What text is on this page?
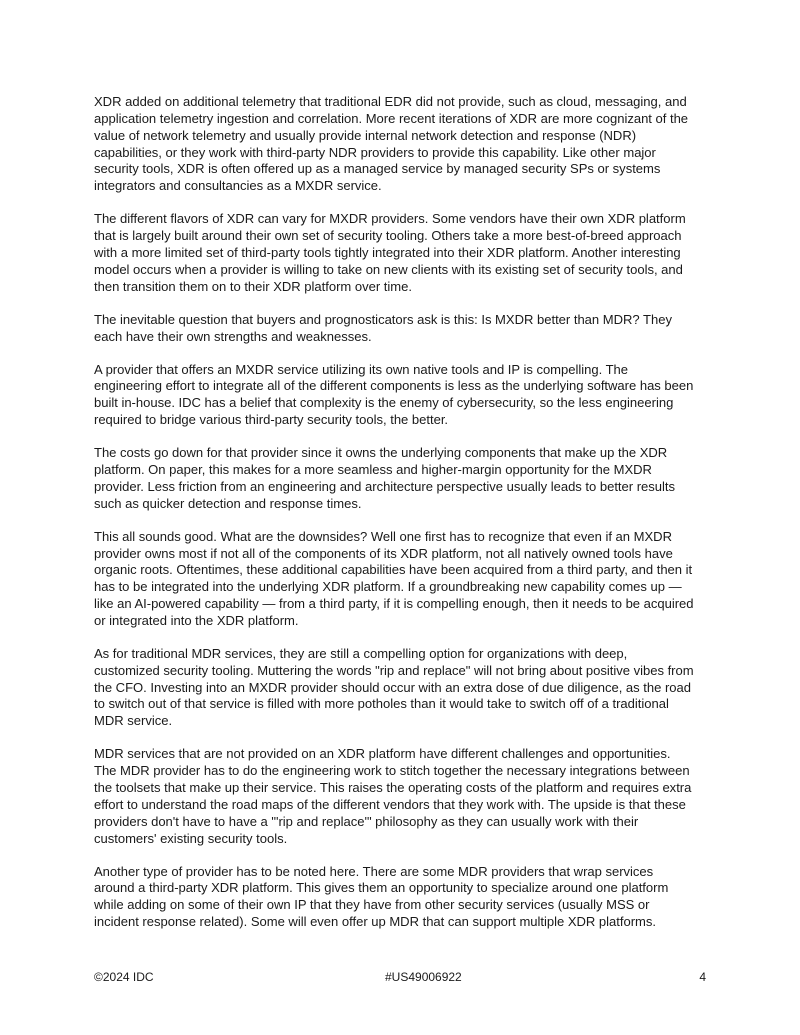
XDR added on additional telemetry that traditional EDR did not provide, such as cloud, messaging, and application telemetry ingestion and correlation. More recent iterations of XDR are more cognizant of the value of network telemetry and usually provide internal network detection and response (NDR) capabilities, or they work with third-party NDR providers to provide this capability. Like other major security tools, XDR is often offered up as a managed service by managed security SPs or systems integrators and consultancies as a MXDR service.

The different flavors of XDR can vary for MXDR providers. Some vendors have their own XDR platform that is largely built around their own set of security tooling. Others take a more best-of-breed approach with a more limited set of third-party tools tightly integrated into their XDR platform. Another interesting model occurs when a provider is willing to take on new clients with its existing set of security tools, and then transition them on to their XDR platform over time.

The inevitable question that buyers and prognosticators ask is this: Is MXDR better than MDR? They each have their own strengths and weaknesses.

A provider that offers an MXDR service utilizing its own native tools and IP is compelling. The engineering effort to integrate all of the different components is less as the underlying software has been built in-house. IDC has a belief that complexity is the enemy of cybersecurity, so the less engineering required to bridge various third-party security tools, the better.

The costs go down for that provider since it owns the underlying components that make up the XDR platform. On paper, this makes for a more seamless and higher-margin opportunity for the MXDR provider. Less friction from an engineering and architecture perspective usually leads to better results such as quicker detection and response times.

This all sounds good. What are the downsides? Well one first has to recognize that even if an MXDR provider owns most if not all of the components of its XDR platform, not all natively owned tools have organic roots. Oftentimes, these additional capabilities have been acquired from a third party, and then it has to be integrated into the underlying XDR platform. If a groundbreaking new capability comes up — like an AI-powered capability — from a third party, if it is compelling enough, then it needs to be acquired or integrated into the XDR platform.

As for traditional MDR services, they are still a compelling option for organizations with deep, customized security tooling. Muttering the words "rip and replace" will not bring about positive vibes from the CFO. Investing into an MXDR provider should occur with an extra dose of due diligence, as the road to switch out of that service is filled with more potholes than it would take to switch off of a traditional MDR service.

MDR services that are not provided on an XDR platform have different challenges and opportunities. The MDR provider has to do the engineering work to stitch together the necessary integrations between the toolsets that make up their service. This raises the operating costs of the platform and requires extra effort to understand the road maps of the different vendors that they work with. The upside is that these providers don't have to have a "'rip and replace'" philosophy as they can usually work with their customers' existing security tools.

Another type of provider has to be noted here. There are some MDR providers that wrap services around a third-party XDR platform. This gives them an opportunity to specialize around one platform while adding on some of their own IP that they have from other security services (usually MSS or incident response related). Some will even offer up MDR that can support multiple XDR platforms.

©2024 IDC	#US49006922	4
